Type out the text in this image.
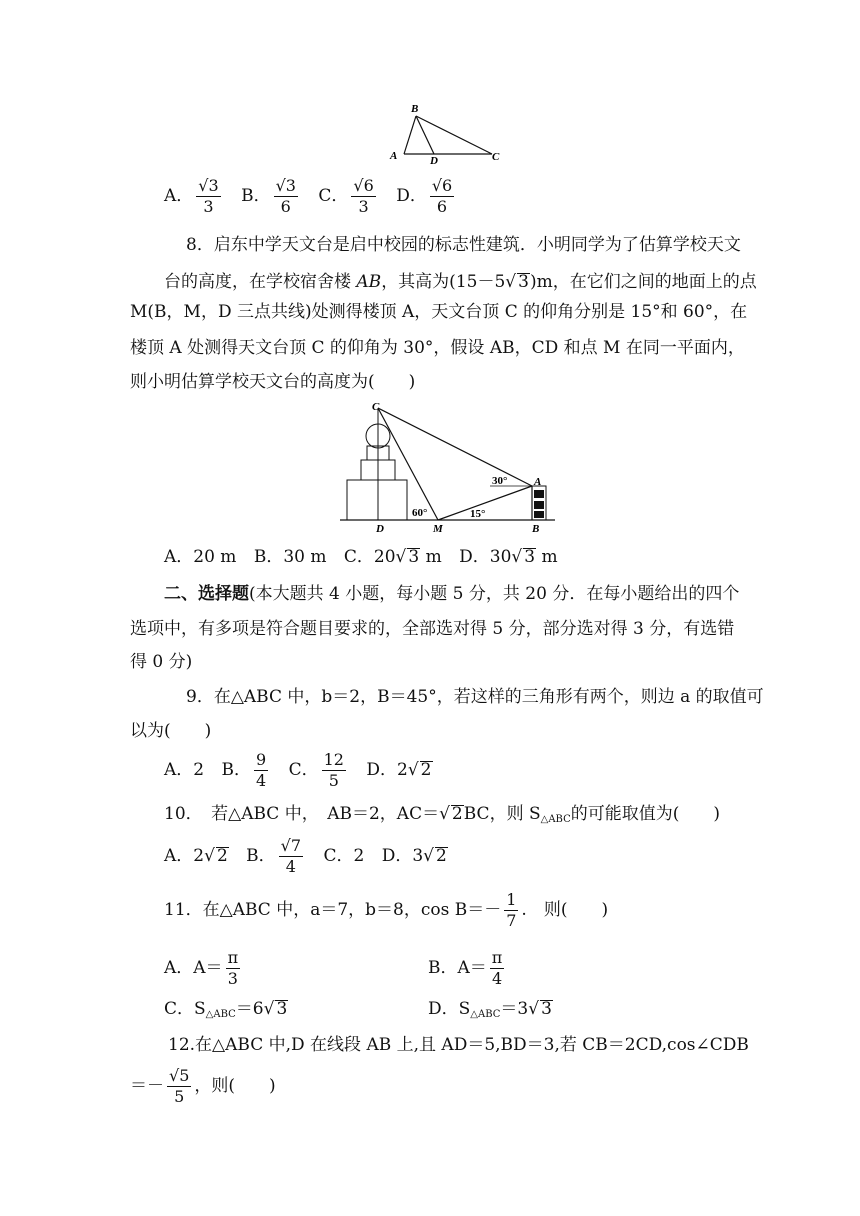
B
A	D	C
A． $\frac{√3}{3}$ B． $\frac{√3}{6}$ C． $\frac{√6}{3}$ D． $\frac{√6}{6}$
8．启东中学天文台是启中校园的标志性建筑．小明同学为了估算学校天文
台的高度，在学校宿舍楼 AB，其高为(15－5√ 3)m，在它们之间的地面上的点
M(B，M，D 三点共线)处测得楼顶 A，天文台顶 C 的仰角分别是 15°和 60°，在
楼顶 A 处测得天文台顶 C 的仰角为 30°，假设 AB，CD 和点 M 在同一平面内，
则小明估算学校天文台的高度为(　　)
C
A
D	M	B
30°
60°	15°
A．20 m B．30 m C．20√ 3 m D．30√ 3 m
二、选择题(本大题共 4 小题，每小题 5 分，共 20 分．在每小题给出的四个
选项中，有多项是符合题目要求的，全部选对得 5 分，部分选对得 3 分，有选错
得 0 分)
9．在△ABC 中，b＝2，B＝45°，若这样的三角形有两个，则边 a 的取值可
以为(　　)
A．2 B． $\frac{9}{4}$ C． $\frac{12}{5}$ D．2√ 2
10．　若△ABC 中，　AB＝2，AC＝√ 2BC，则 $S_{\triangle ABC}$的可能取值为(　　)
A．2√ 2 B． $\frac{√7}{4}$ C．2 D．3√ 2
11．在△ABC 中，a＝7，b＝8，$\cos B=- \frac{1}{7}$ .　则(　　)
A．$A= \frac{\pi}{3}$	B．$A= \frac{\pi}{4}$
C．$S_{\triangle ABC}=6√$ 3	D．$S_{\triangle ABC}=3√$ 3
12.在△ABC 中,D 在线段 AB 上,且 AD＝5,BD＝3,若 CB＝2CD,cos∠CDB
＝－ $\frac{√5}{5}$ ，则(　　)
